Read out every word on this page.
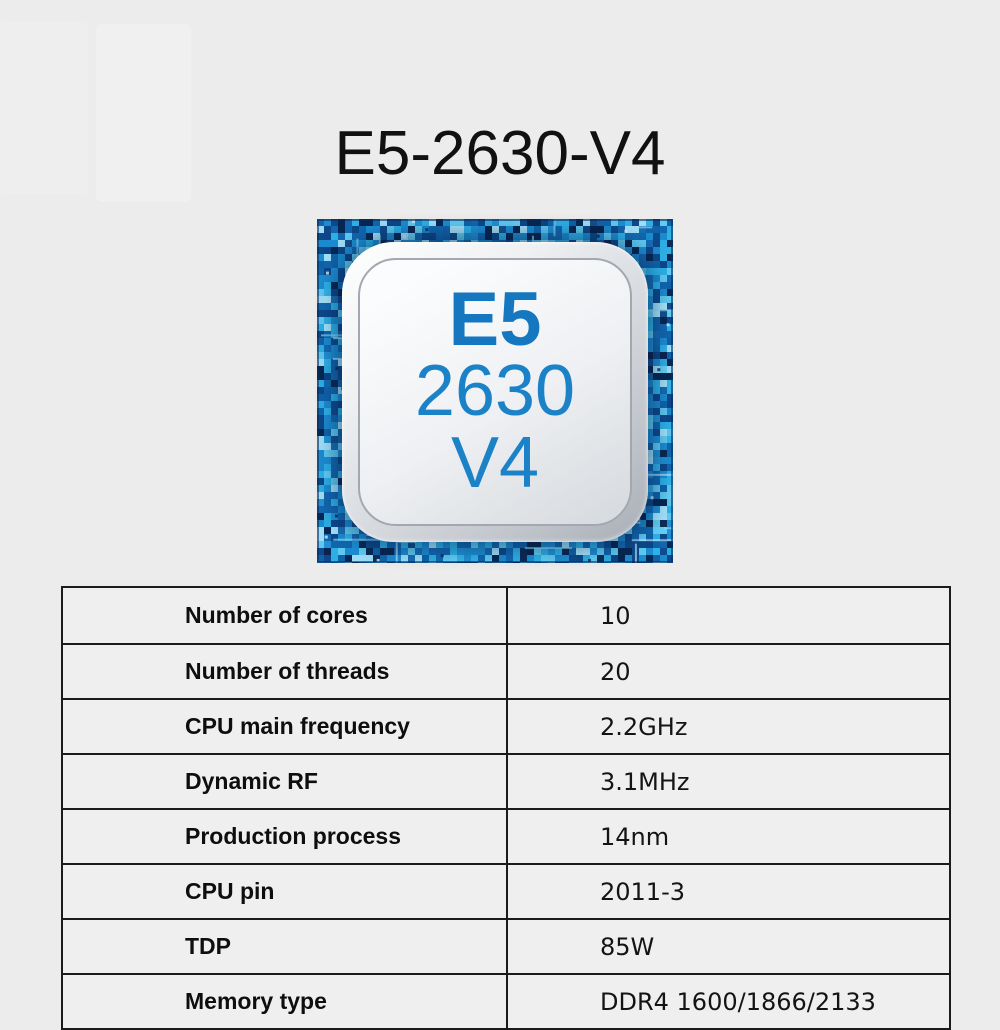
E5-2630-V4
E5
2630
V4
Number of cores	10
Number of threads	20
CPU main frequency	2.2GHz
Dynamic RF	3.1MHz
Production process	14nm
CPU pin	2011-3
TDP	85W
Memory type	DDR4 1600/1866/2133
